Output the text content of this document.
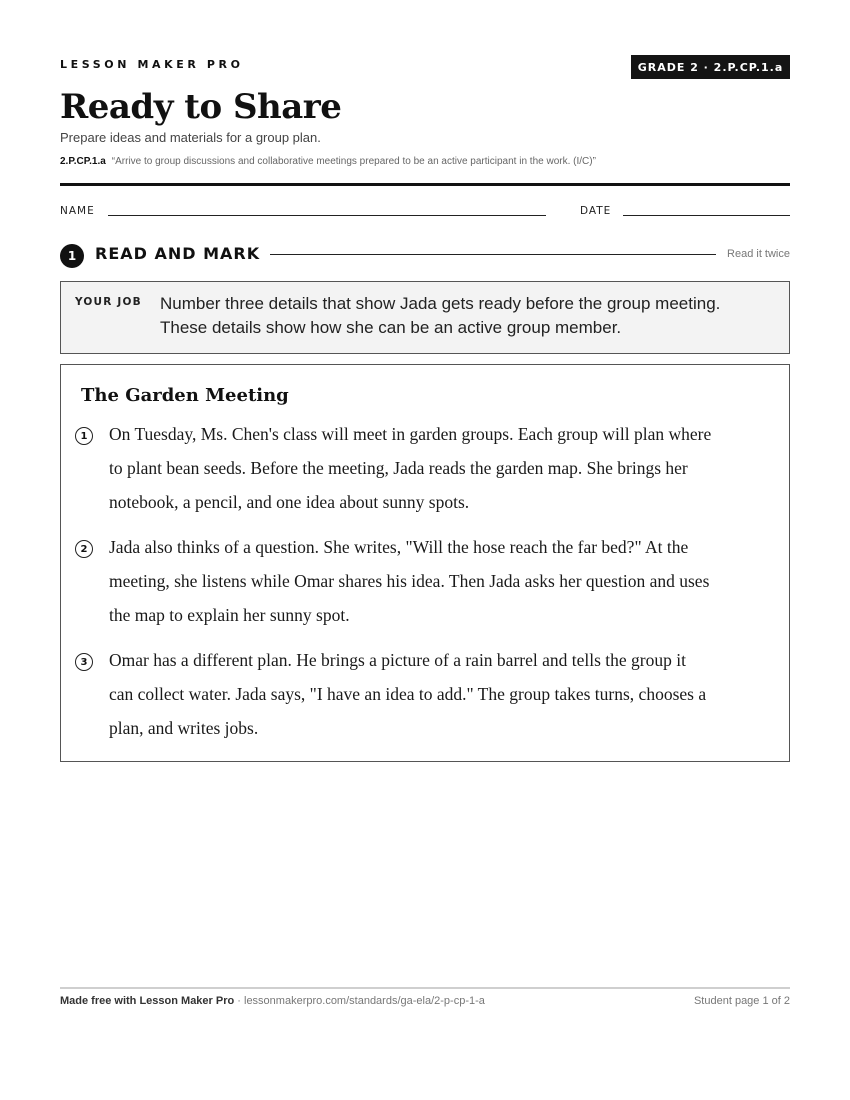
LESSON MAKER PRO	GRADE 2 · 2.P.CP.1.a
Ready to Share
Prepare ideas and materials for a group plan.
2.P.CP.1.a “Arrive to group discussions and collaborative meetings prepared to be an active participant in the work. (I/C)”
NAME	DATE
1	READ AND MARK	Read it twice
YOUR JOB Number three details that show Jada gets ready before the group meeting.
These details show how she can be an active group member.
The Garden Meeting
1	On Tuesday, Ms. Chen's class will meet in garden groups. Each group will plan where
to plant bean seeds. Before the meeting, Jada reads the garden map. She brings her
notebook, a pencil, and one idea about sunny spots.
2	Jada also thinks of a question. She writes, "Will the hose reach the far bed?" At the
meeting, she listens while Omar shares his idea. Then Jada asks her question and uses
the map to explain her sunny spot.
3	Omar has a different plan. He brings a picture of a rain barrel and tells the group it
can collect water. Jada says, "I have an idea to add." The group takes turns, chooses a
plan, and writes jobs.
Made free with Lesson Maker Pro · lessonmakerpro.com/standards/ga-ela/2-p-cp-1-a	Student page 1 of 2
